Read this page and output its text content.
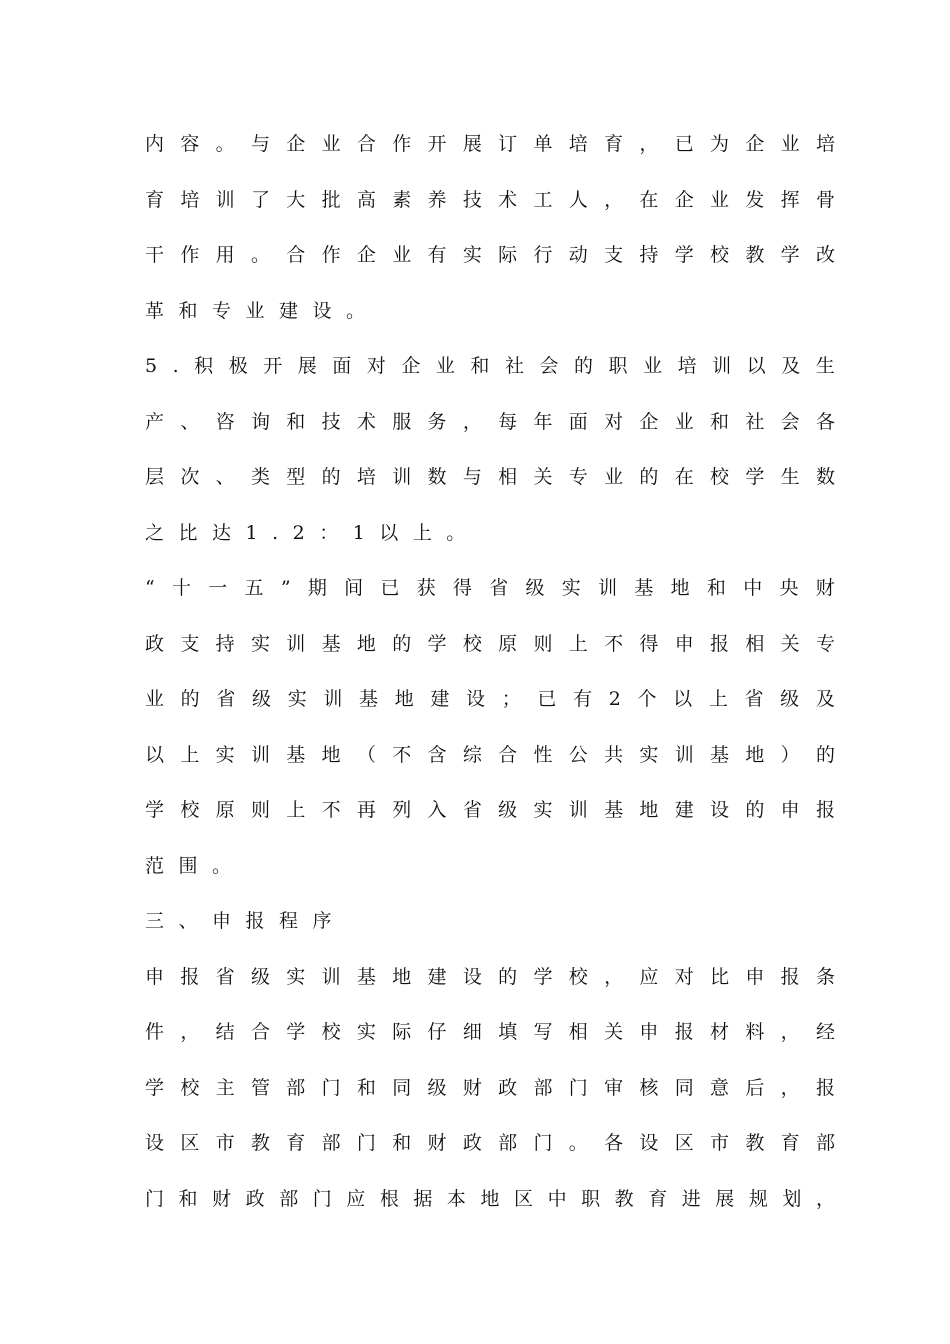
内 容 。 与 企 业 合 作 开 展 订 单 培 育 ， 已 为 企 业 培
育 培 训 了 大 批 高 素 养 技 术 工 人 ， 在 企 业 发 挥 骨
干 作 用 。 合 作 企 业 有 实 际 行 动 支 持 学 校 教 学 改
革和专业建设。
5 . 积 极 开 展 面 对 企 业 和 社 会 的 职 业 培 训 以 及 生
产 、 咨 询 和 技 术 服 务 ， 每 年 面 对 企 业 和 社 会 各
层 次 、 类 型 的 培 训 数 与 相 关 专 业 的 在 校 学 生 数
之比达1.2：1以上。
“ 十 一 五 ” 期 间 已 获 得 省 级 实 训 基 地 和 中 央 财
政 支 持 实 训 基 地 的 学 校 原 则 上 不 得 申 报 相 关 专
业 的 省 级 实 训 基 地 建 设 ； 已 有 2 个 以 上 省 级 及
以 上 实 训 基 地 （ 不 含 综 合 性 公 共 实 训 基 地 ） 的
学 校 原 则 上 不 再 列 入 省 级 实 训 基 地 建 设 的 申 报
范围。
三、申报程序
申 报 省 级 实 训 基 地 建 设 的 学 校 ， 应 对 比 申 报 条
件 ， 结 合 学 校 实 际 仔 细 填 写 相 关 申 报 材 料 ， 经
学 校 主 管 部 门 和 同 级 财 政 部 门 审 核 同 意 后 ， 报
设 区 市 教 育 部 门 和 财 政 部 门 。 各 设 区 市 教 育 部
门 和 财 政 部 门 应 根 据 本 地 区 中 职 教 育 进 展 规 划 ，
